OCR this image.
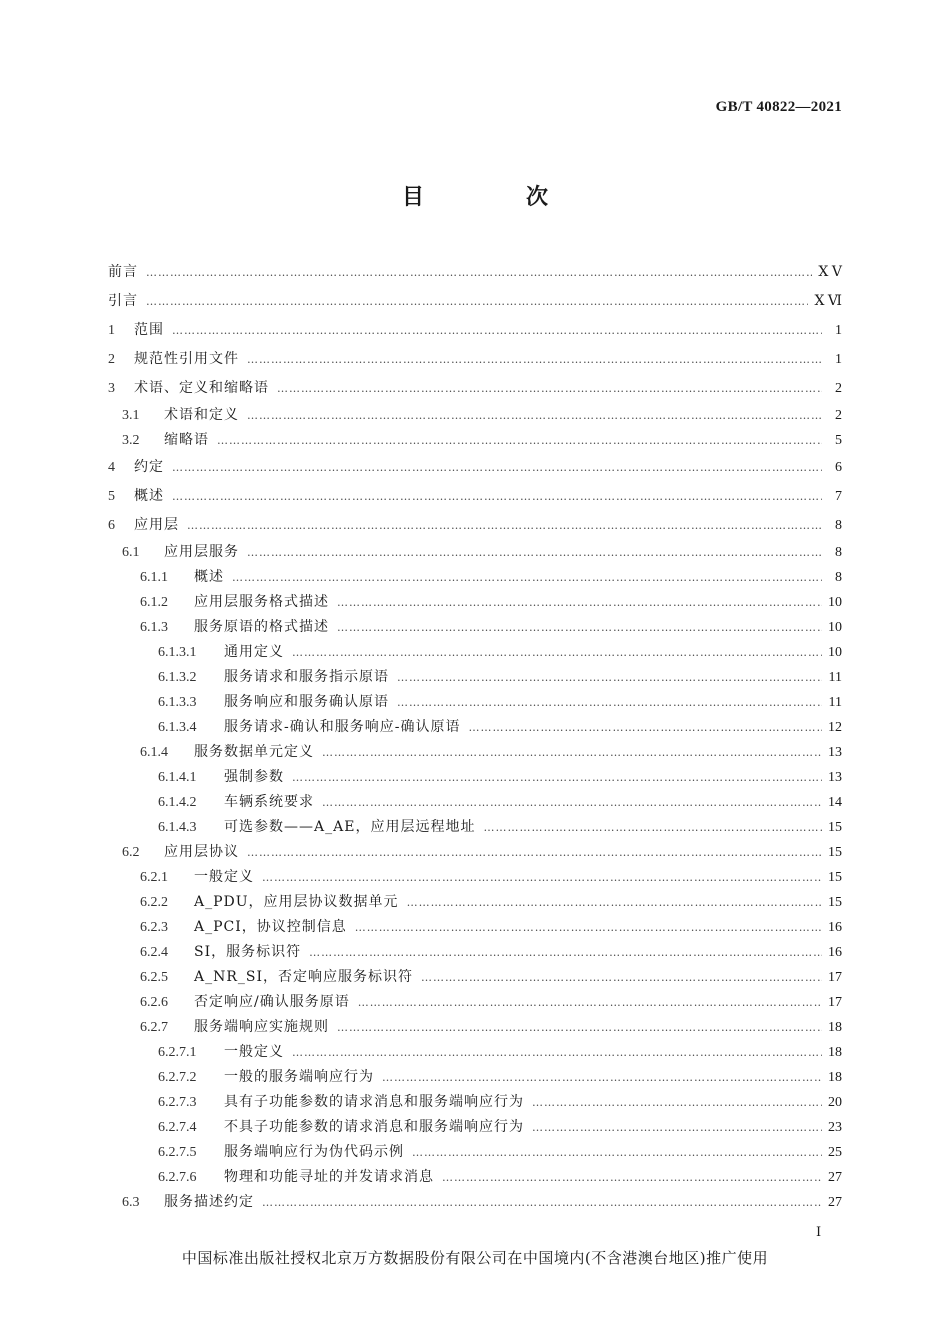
GB/T 40822—2021
目　次
前言 ……………………………………………………………………………………………………………………………………………………………………………………………………………………………………………………	Ⅹ Ⅴ
引言 ……………………………………………………………………………………………………………………………………………………………………………………………………………………………………………………	Ⅹ Ⅵ
1	范围 ……………………………………………………………………………………………………………………………………………………………………………………………………………………………………………………	1
2	规范性引用文件 ……………………………………………………………………………………………………………………………………………………………………………………………………………………………………………………	1
3	术语、定义和缩略语 ……………………………………………………………………………………………………………………………………………………………………………………………………………………………………………………	2
3.1	术语和定义 ……………………………………………………………………………………………………………………………………………………………………………………………………………………………………………………	2
3.2	缩略语 ……………………………………………………………………………………………………………………………………………………………………………………………………………………………………………………	5
4	约定 ……………………………………………………………………………………………………………………………………………………………………………………………………………………………………………………	6
5	概述 ……………………………………………………………………………………………………………………………………………………………………………………………………………………………………………………	7
6	应用层 ……………………………………………………………………………………………………………………………………………………………………………………………………………………………………………………	8
6.1	应用层服务 ……………………………………………………………………………………………………………………………………………………………………………………………………………………………………………………	8
6.1.1	概述 ……………………………………………………………………………………………………………………………………………………………………………………………………………………………………………………	8
6.1.2	应用层服务格式描述 ……………………………………………………………………………………………………………………………………………………………………………………………………………………………………………………	10
6.1.3	服务原语的格式描述 ……………………………………………………………………………………………………………………………………………………………………………………………………………………………………………………	10
6.1.3.1	通用定义 ……………………………………………………………………………………………………………………………………………………………………………………………………………………………………………………	10
6.1.3.2	服务请求和服务指示原语 ……………………………………………………………………………………………………………………………………………………………………………………………………………………………………………………	11
6.1.3.3	服务响应和服务确认原语 ……………………………………………………………………………………………………………………………………………………………………………………………………………………………………………………	11
6.1.3.4	服务请求-确认和服务响应-确认原语 ……………………………………………………………………………………………………………………………………………………………………………………………………………………………………………………	12
6.1.4	服务数据单元定义 ……………………………………………………………………………………………………………………………………………………………………………………………………………………………………………………	13
6.1.4.1	强制参数 ……………………………………………………………………………………………………………………………………………………………………………………………………………………………………………………	13
6.1.4.2	车辆系统要求 ……………………………………………………………………………………………………………………………………………………………………………………………………………………………………………………	14
6.1.4.3	可选参数——A_AE，应用层远程地址 ……………………………………………………………………………………………………………………………………………………………………………………………………………………………………………………	15
6.2	应用层协议 ……………………………………………………………………………………………………………………………………………………………………………………………………………………………………………………	15
6.2.1	一般定义 ……………………………………………………………………………………………………………………………………………………………………………………………………………………………………………………	15
6.2.2	A_PDU，应用层协议数据单元 ……………………………………………………………………………………………………………………………………………………………………………………………………………………………………………………	15
6.2.3	A_PCI，协议控制信息 ……………………………………………………………………………………………………………………………………………………………………………………………………………………………………………………	16
6.2.4	SI，服务标识符 ……………………………………………………………………………………………………………………………………………………………………………………………………………………………………………………	16
6.2.5	A_NR_SI，否定响应服务标识符 ……………………………………………………………………………………………………………………………………………………………………………………………………………………………………………………	17
6.2.6	否定响应/确认服务原语 ……………………………………………………………………………………………………………………………………………………………………………………………………………………………………………………	17
6.2.7	服务端响应实施规则 ……………………………………………………………………………………………………………………………………………………………………………………………………………………………………………………	18
6.2.7.1	一般定义 ……………………………………………………………………………………………………………………………………………………………………………………………………………………………………………………	18
6.2.7.2	一般的服务端响应行为 ……………………………………………………………………………………………………………………………………………………………………………………………………………………………………………………	18
6.2.7.3	具有子功能参数的请求消息和服务端响应行为 ……………………………………………………………………………………………………………………………………………………………………………………………………………………………………………………	20
6.2.7.4	不具子功能参数的请求消息和服务端响应行为 ……………………………………………………………………………………………………………………………………………………………………………………………………………………………………………………	23
6.2.7.5	服务端响应行为伪代码示例 ……………………………………………………………………………………………………………………………………………………………………………………………………………………………………………………	25
6.2.7.6	物理和功能寻址的并发请求消息 ……………………………………………………………………………………………………………………………………………………………………………………………………………………………………………………	27
6.3	服务描述约定 ……………………………………………………………………………………………………………………………………………………………………………………………………………………………………………………	27
Ⅰ
中国标准出版社授权北京万方数据股份有限公司在中国境内(不含港澳台地区)推广使用
